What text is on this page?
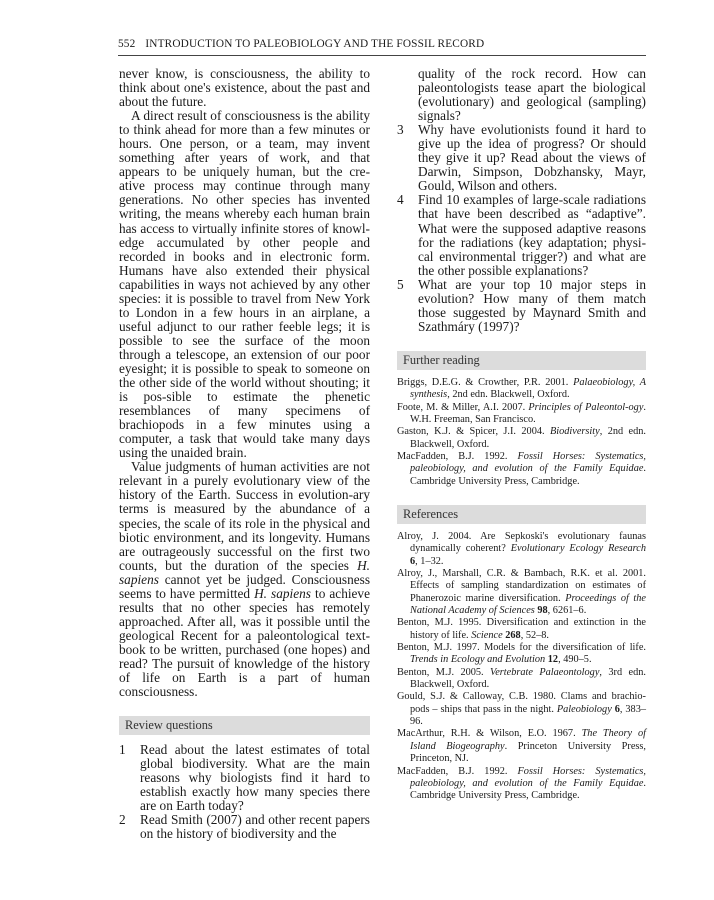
552 INTRODUCTION TO PALEOBIOLOGY AND THE FOSSIL RECORD

never know, is consciousness, the ability to think about one's existence, about the past and about the future.

A direct result of consciousness is the ability to think ahead for more than a few minutes or hours. One person, or a team, may invent something after years of work, and that appears to be uniquely human, but the cre-ative process may continue through many generations. No other species has invented writing, the means whereby each human brain has access to virtually infinite stores of knowl-edge accumulated by other people and recorded in books and in electronic form. Humans have also extended their physical capabilities in ways not achieved by any other species: it is possible to travel from New York to London in a few hours in an airplane, a useful adjunct to our rather feeble legs; it is possible to see the surface of the moon through a telescope, an extension of our poor eyesight; it is possible to speak to someone on the other side of the world without shouting; it is pos-sible to estimate the phenetic resemblances of many specimens of brachiopods in a few minutes using a computer, a task that would take many days using the unaided brain.

Value judgments of human activities are not relevant in a purely evolutionary view of the history of the Earth. Success in evolution-ary terms is measured by the abundance of a species, the scale of its role in the physical and biotic environment, and its longevity. Humans are outrageously successful on the first two counts, but the duration of the species H. sapiens cannot yet be judged. Consciousness seems to have permitted H. sapiens to achieve results that no other species has remotely approached. After all, was it possible until the geological Recent for a paleontological text-book to be written, purchased (one hopes) and read? The pursuit of knowledge of the history of life on Earth is a part of human consciousness.

Review questions
1	Read about the latest estimates of total global biodiversity. What are the main reasons why biologists find it hard to establish exactly how many species there are on Earth today?
2	Read Smith (2007) and other recent papers on the history of biodiversity and the
quality of the rock record. How can paleontologists tease apart the biological (evolutionary) and geological (sampling) signals?
3	Why have evolutionists found it hard to give up the idea of progress? Or should they give it up? Read about the views of Darwin, Simpson, Dobzhansky, Mayr, Gould, Wilson and others.
4	Find 10 examples of large-scale radiations that have been described as “adaptive”. What were the supposed adaptive reasons for the radiations (key adaptation; physi-cal environmental trigger?) and what are the other possible explanations?
5	What are your top 10 major steps in evolution? How many of them match those suggested by Maynard Smith and Szathmáry (1997)?
Further reading
Briggs, D.E.G. & Crowther, P.R. 2001. Palaeobiology, A synthesis, 2nd edn. Blackwell, Oxford.
Foote, M. & Miller, A.I. 2007. Principles of Paleontol-ogy. W.H. Freeman, San Francisco.
Gaston, K.J. & Spicer, J.I. 2004. Biodiversity, 2nd edn. Blackwell, Oxford.
MacFadden, B.J. 1992. Fossil Horses: Systematics, paleobiology, and evolution of the Family Equidae. Cambridge University Press, Cambridge.
References
Alroy, J. 2004. Are Sepkoski's evolutionary faunas dynamically coherent? Evolutionary Ecology Research 6, 1–32.
Alroy, J., Marshall, C.R. & Bambach, R.K. et al. 2001. Effects of sampling standardization on estimates of Phanerozoic marine diversification. Proceedings of the National Academy of Sciences 98, 6261–6.
Benton, M.J. 1995. Diversification and extinction in the history of life. Science 268, 52–8.
Benton, M.J. 1997. Models for the diversification of life. Trends in Ecology and Evolution 12, 490–5.
Benton, M.J. 2005. Vertebrate Palaeontology, 3rd edn. Blackwell, Oxford.
Gould, S.J. & Calloway, C.B. 1980. Clams and brachio-pods – ships that pass in the night. Paleobiology 6, 383–96.
MacArthur, R.H. & Wilson, E.O. 1967. The Theory of Island Biogeography. Princeton University Press, Princeton, NJ.
MacFadden, B.J. 1992. Fossil Horses: Systematics, paleobiology, and evolution of the Family Equidae. Cambridge University Press, Cambridge.
